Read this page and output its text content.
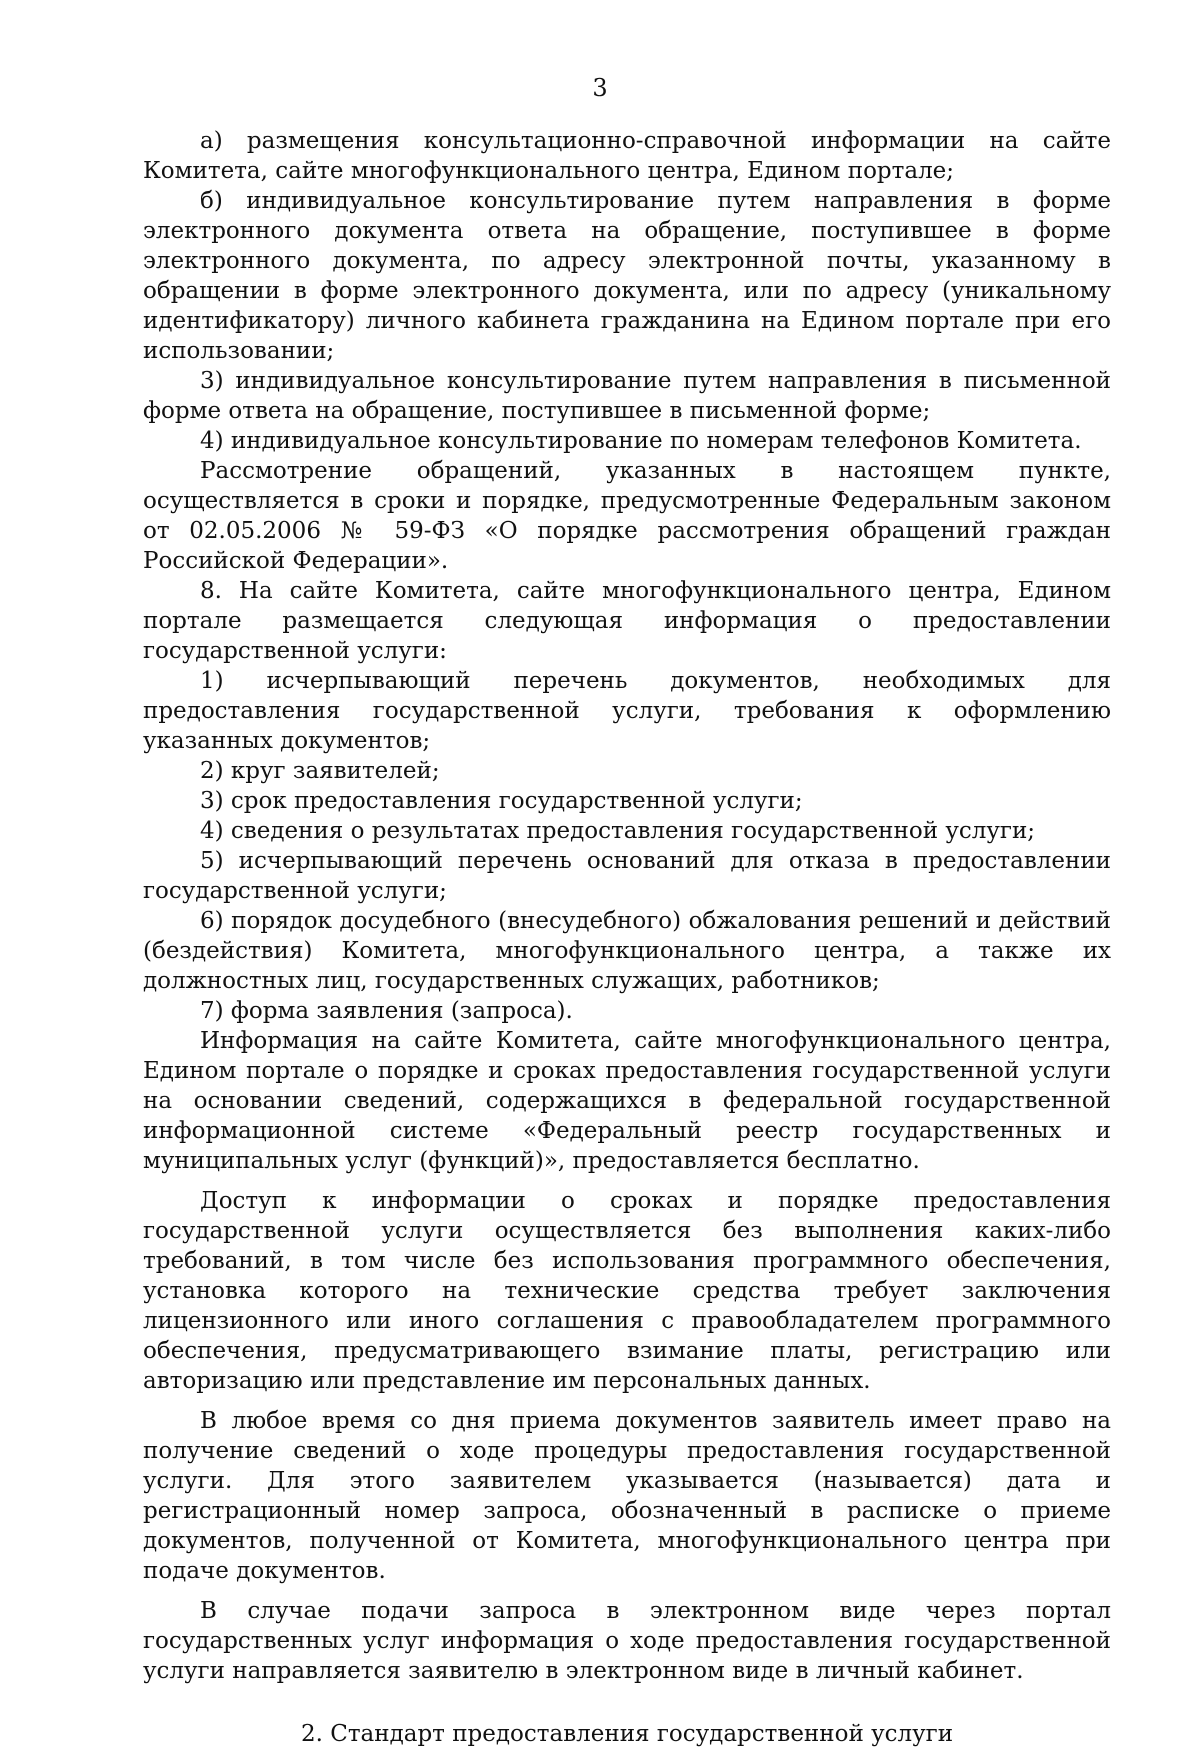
3

а) размещения консультационно-справочной информации на сайте Комитета, сайте многофункционального центра, Едином портале;

б) индивидуальное консультирование путем направления в форме электронного документа ответа на обращение, поступившее в форме электронного документа, по адресу электронной почты, указанному в обращении в форме электронного документа, или по адресу (уникальному идентификатору) личного кабинета гражданина на Едином портале при его использовании;

3) индивидуальное консультирование путем направления в письменной форме ответа на обращение, поступившее в письменной форме;

4) индивидуальное консультирование по номерам телефонов Комитета.

Рассмотрение обращений, указанных в настоящем пункте, осуществляется в сроки и порядке, предусмотренные Федеральным законом от 02.05.2006 № 59-ФЗ «О порядке рассмотрения обращений граждан Российской Федерации».

8. На сайте Комитета, сайте многофункционального центра, Едином портале размещается следующая информация о предоставлении государственной услуги:

1) исчерпывающий перечень документов, необходимых для предоставления государственной услуги, требования к оформлению указанных документов;

2) круг заявителей;

3) срок предоставления государственной услуги;

4) сведения о результатах предоставления государственной услуги;

5) исчерпывающий перечень оснований для отказа в предоставлении государственной услуги;

6) порядок досудебного (внесудебного) обжалования решений и действий (бездействия) Комитета, многофункционального центра, а также их должностных лиц, государственных служащих, работников;

7) форма заявления (запроса).

Информация на сайте Комитета, сайте многофункционального центра, Едином портале о порядке и сроках предоставления государственной услуги на основании сведений, содержащихся в федеральной государственной информационной системе «Федеральный реестр государственных и муниципальных услуг (функций)», предоставляется бесплатно.

Доступ к информации о сроках и порядке предоставления государственной услуги осуществляется без выполнения каких-либо требований, в том числе без использования программного обеспечения, установка которого на технические средства требует заключения лицензионного или иного соглашения с правообладателем программного обеспечения, предусматривающего взимание платы, регистрацию или авторизацию или представление им персональных данных.

В любое время со дня приема документов заявитель имеет право на получение сведений о ходе процедуры предоставления государственной услуги. Для этого заявителем указывается (называется) дата и регистрационный номер запроса, обозначенный в расписке о приеме документов, полученной от Комитета, многофункционального центра при подаче документов.

В случае подачи запроса в электронном виде через портал государственных услуг информация о ходе предоставления государственной услуги направляется заявителю в электронном виде в личный кабинет.

2. Стандарт предоставления государственной услуги
